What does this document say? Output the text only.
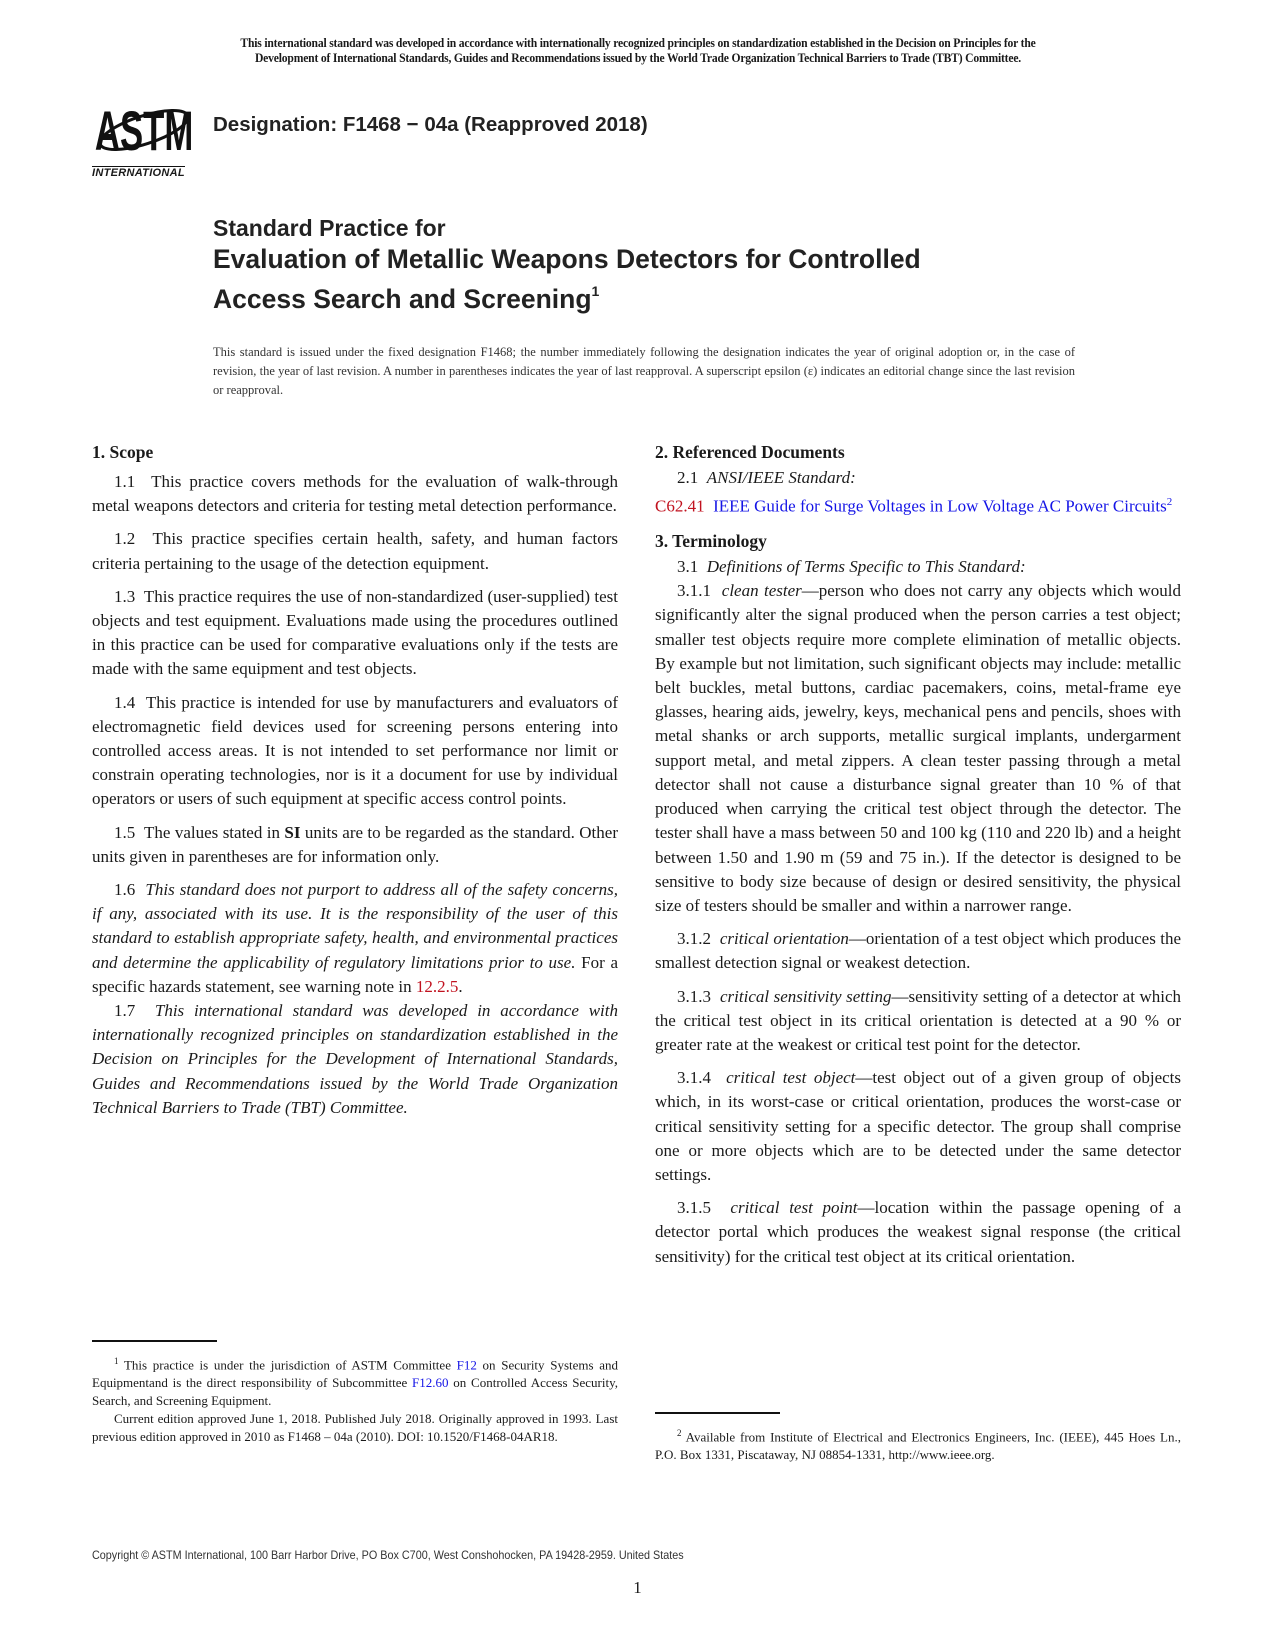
This international standard was developed in accordance with internationally recognized principles on standardization established in the Decision on Principles for the
Development of International Standards, Guides and Recommendations issued by the World Trade Organization Technical Barriers to Trade (TBT) Committee.
ASTM
INTERNATIONAL
Designation: F1468 − 04a (Reapproved 2018)
Standard Practice for
Evaluation of Metallic Weapons Detectors for Controlled
Access Search and Screening$^1$
This standard is issued under the fixed designation F1468; the number immediately following the designation indicates the year of original adoption or, in the case of revision, the year of last revision. A number in parentheses indicates the year of last reapproval. A superscript epsilon (ε) indicates an editorial change since the last revision or reapproval.
1. Scope

1.1 This practice covers methods for the evaluation of walk-through metal weapons detectors and criteria for testing metal detection performance.

1.2 This practice specifies certain health, safety, and human factors criteria pertaining to the usage of the detection equipment.

1.3 This practice requires the use of non-standardized (user-supplied) test objects and test equipment. Evaluations made using the procedures outlined in this practice can be used for comparative evaluations only if the tests are made with the same equipment and test objects.

1.4 This practice is intended for use by manufacturers and evaluators of electromagnetic field devices used for screening persons entering into controlled access areas. It is not intended to set performance nor limit or constrain operating technologies, nor is it a document for use by individual operators or users of such equipment at specific access control points.

1.5 The values stated in SI units are to be regarded as the standard. Other units given in parentheses are for information only.

1.6 This standard does not purport to address all of the safety concerns, if any, associated with its use. It is the responsibility of the user of this standard to establish appropriate safety, health, and environmental practices and determine the applicability of regulatory limitations prior to use. For a specific hazards statement, see warning note in 12.2.5.

1.7 This international standard was developed in accordance with internationally recognized principles on standardization established in the Decision on Principles for the Development of International Standards, Guides and Recommendations issued by the World Trade Organization Technical Barriers to Trade (TBT) Committee.

$^1$ This practice is under the jurisdiction of ASTM Committee F12 on Security Systems and Equipmentand is the direct responsibility of Subcommittee F12.60 on Controlled Access Security, Search, and Screening Equipment.

Current edition approved June 1, 2018. Published July 2018. Originally approved in 1993. Last previous edition approved in 2010 as F1468 – 04a (2010). DOI: 10.1520/F1468-04AR18.

2. Referenced Documents

2.1 ANSI/IEEE Standard:

C62.41 IEEE Guide for Surge Voltages in Low Voltage AC Power Circuits$^2$

3. Terminology

3.1 Definitions of Terms Specific to This Standard:

3.1.1 clean tester—person who does not carry any objects which would significantly alter the signal produced when the person carries a test object; smaller test objects require more complete elimination of metallic objects. By example but not limitation, such significant objects may include: metallic belt buckles, metal buttons, cardiac pacemakers, coins, metal-frame eye glasses, hearing aids, jewelry, keys, mechanical pens and pencils, shoes with metal shanks or arch supports, metallic surgical implants, undergarment support metal, and metal zippers. A clean tester passing through a metal detector shall not cause a disturbance signal greater than 10 % of that produced when carrying the critical test object through the detector. The tester shall have a mass between 50 and 100 kg (110 and 220 lb) and a height between 1.50 and 1.90 m (59 and 75 in.). If the detector is designed to be sensitive to body size because of design or desired sensitivity, the physical size of testers should be smaller and within a narrower range.

3.1.2 critical orientation—orientation of a test object which produces the smallest detection signal or weakest detection.

3.1.3 critical sensitivity setting—sensitivity setting of a detector at which the critical test object in its critical orientation is detected at a 90 % or greater rate at the weakest or critical test point for the detector.

3.1.4 critical test object—test object out of a given group of objects which, in its worst-case or critical orientation, produces the worst-case or critical sensitivity setting for a specific detector. The group shall comprise one or more objects which are to be detected under the same detector settings.

3.1.5 critical test point—location within the passage opening of a detector portal which produces the weakest signal response (the critical sensitivity) for the critical test object at its critical orientation.

$^2$ Available from Institute of Electrical and Electronics Engineers, Inc. (IEEE), 445 Hoes Ln., P.O. Box 1331, Piscataway, NJ 08854-1331, http://www.ieee.org.

Copyright © ASTM International, 100 Barr Harbor Drive, PO Box C700, West Conshohocken, PA 19428-2959. United States
1
